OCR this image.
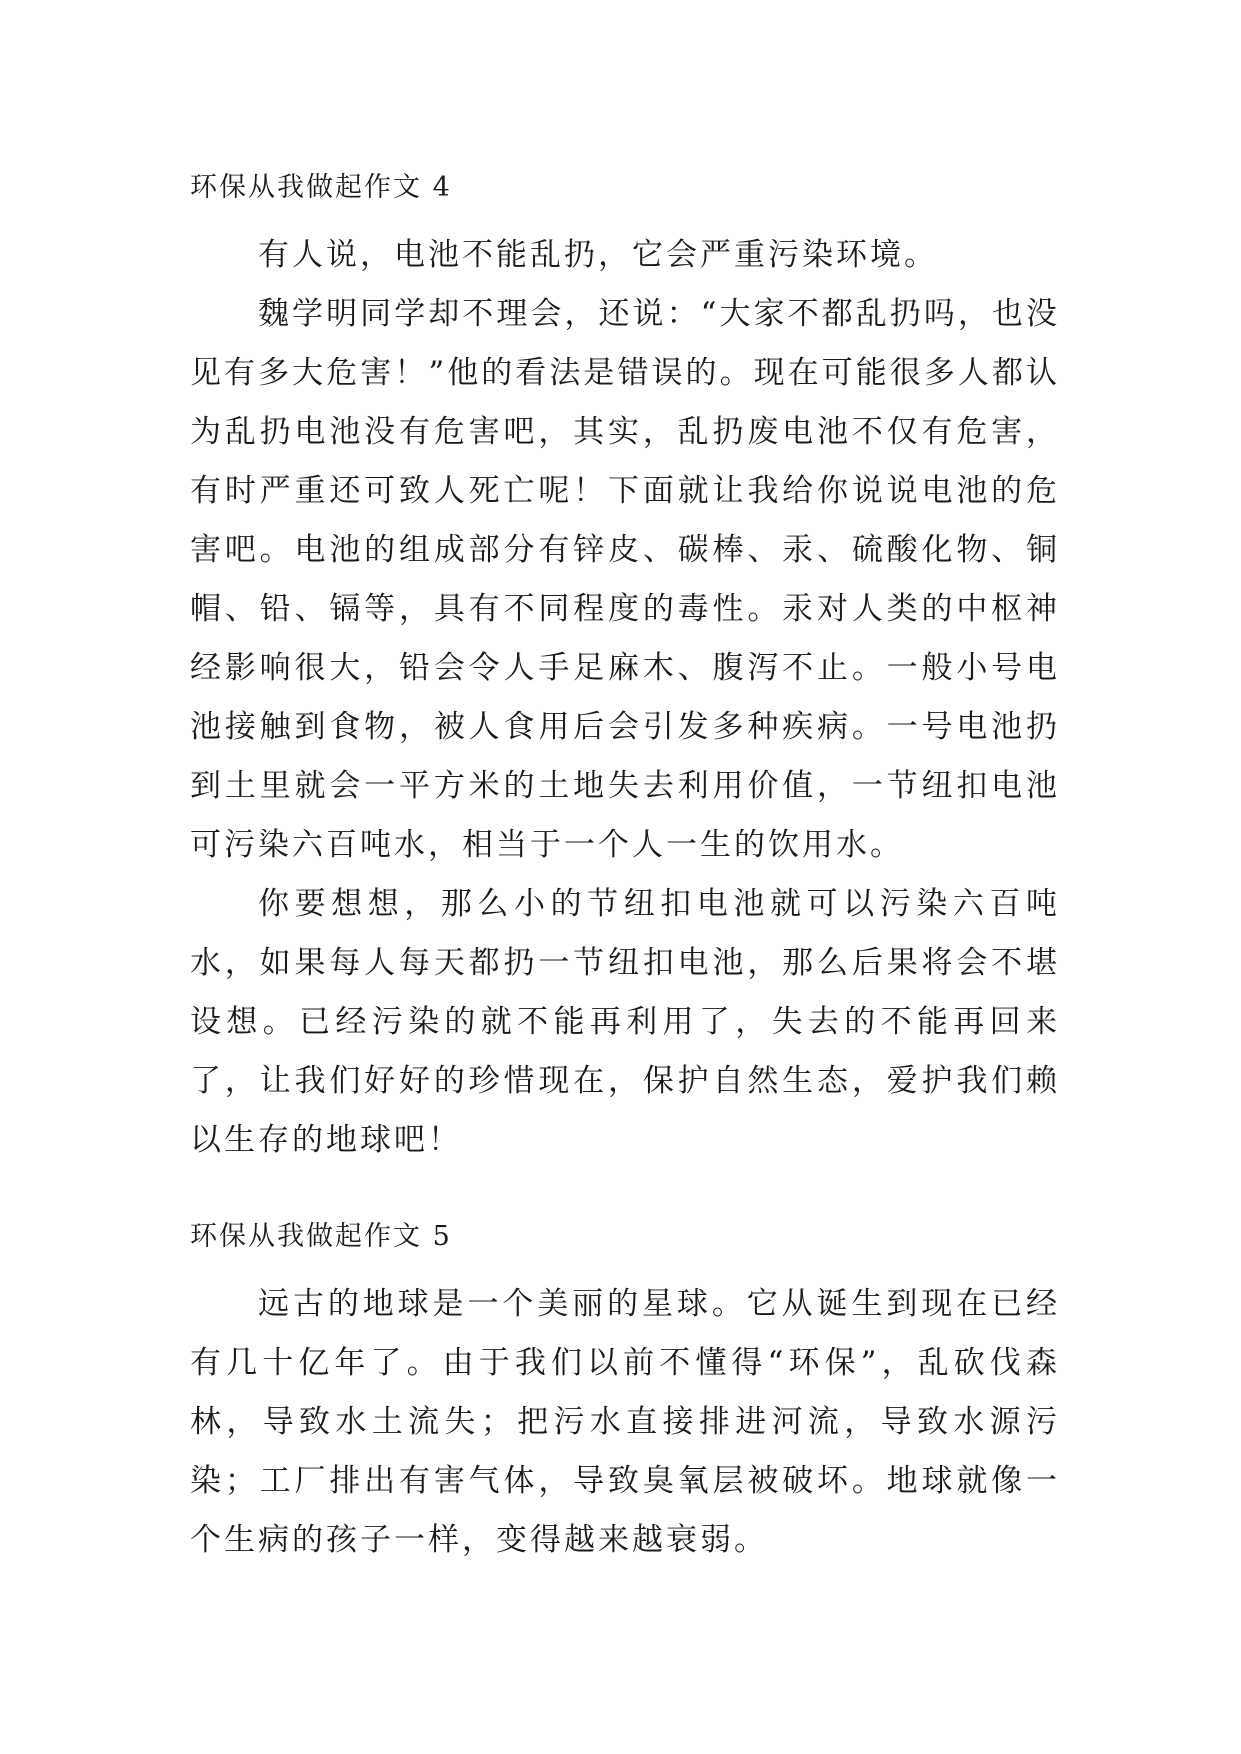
环保从我做起作文 4

有人说，电池不能乱扔，它会严重污染环境。

魏学明同学却不理会，还说：“大家不都乱扔吗，也没见有多大危害！”他的看法是错误的。现在可能很多人都认为乱扔电池没有危害吧，其实，乱扔废电池不仅有危害，有时严重还可致人死亡呢！下面就让我给你说说电池的危害吧。电池的组成部分有锌皮、碳棒、汞、硫酸化物、铜帽、铅、镉等，具有不同程度的毒性。汞对人类的中枢神经影响很大，铅会令人手足麻木、腹泻不止。一般小号电池接触到食物，被人食用后会引发多种疾病。一号电池扔到土里就会一平方米的土地失去利用价值，一节纽扣电池可污染六百吨水，相当于一个人一生的饮用水。

你要想想，那么小的节纽扣电池就可以污染六百吨水，如果每人每天都扔一节纽扣电池，那么后果将会不堪设想。已经污染的就不能再利用了，失去的不能再回来了，让我们好好的珍惜现在，保护自然生态，爱护我们赖以生存的地球吧！

环保从我做起作文 5

远古的地球是一个美丽的星球。它从诞生到现在已经有几十亿年了。由于我们以前不懂得“环保”，乱砍伐森林，导致水土流失；把污水直接排进河流，导致水源污染；工厂排出有害气体，导致臭氧层被破坏。地球就像一个生病的孩子一样，变得越来越衰弱。
